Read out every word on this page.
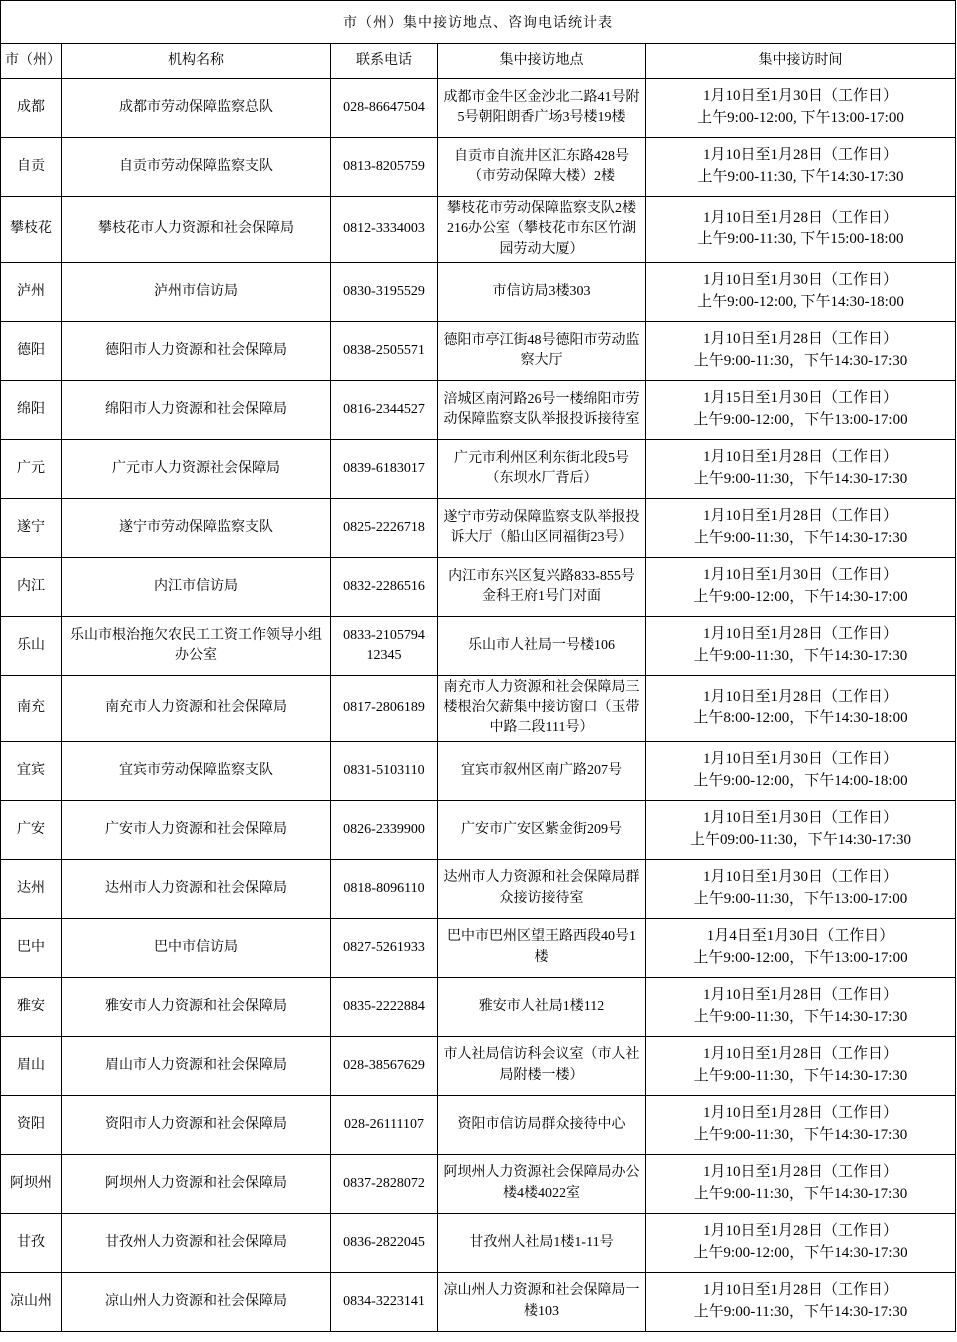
市（州）集中接访地点、咨询电话统计表				
市（州）	机构名称	联系电话	集中接访地点	集中接访时间
成都	成都市劳动保障监察总队	028-86647504	成都市金牛区金沙北二路41号附5号朝阳朗香广场3号楼19楼	1月10日至1月30日（工作日）
上午9:00-12:00, 下午13:00-17:00

自贡	自贡市劳动保障监察支队	0813-8205759	自贡市自流井区汇东路428号（市劳动保障大楼）2楼	1月10日至1月28日（工作日）
上午9:00-11:30, 下午14:30-17:30

攀枝花	攀枝花市人力资源和社会保障局	0812-3334003	攀枝花市劳动保障监察支队2楼216办公室（攀枝花市东区竹湖园劳动大厦）	1月10日至1月28日（工作日）
上午9:00-11:30, 下午15:00-18:00

泸州	泸州市信访局	0830-3195529	市信访局3楼303	1月10日至1月30日（工作日）
上午9:00-12:00, 下午14:30-18:00

德阳	德阳市人力资源和社会保障局	0838-2505571	德阳市亭江街48号德阳市劳动监察大厅	1月10日至1月28日（工作日）
上午9:00-11:30，下午14:30-17:30

绵阳	绵阳市人力资源和社会保障局	0816-2344527	涪城区南河路26号一楼绵阳市劳动保障监察支队举报投诉接待室	1月15日至1月30日（工作日）
上午9:00-12:00，下午13:00-17:00

广元	广元市人力资源社会保障局	0839-6183017	广元市利州区利东街北段5号（东坝水厂背后）	1月10日至1月28日（工作日）
上午9:00-11:30，下午14:30-17:30

遂宁	遂宁市劳动保障监察支队	0825-2226718	遂宁市劳动保障监察支队举报投诉大厅（船山区同福街23号）	1月10日至1月28日（工作日）
上午9:00-11:30，下午14:30-17:30

内江	内江市信访局	0832-2286516	内江市东兴区复兴路833-855号金科王府1号门对面	1月10日至1月30日（工作日）
上午9:00-12:00，下午14:30-17:00

乐山	乐山市根治拖欠农民工工资工作领导小组办公室	0833-2105794 12345	乐山市人社局一号楼106	1月10日至1月28日（工作日）
上午9:00-11:30，下午14:30-17:30

南充	南充市人力资源和社会保障局	0817-2806189	南充市人力资源和社会保障局三楼根治欠薪集中接访窗口（玉带中路二段111号）	1月10日至1月28日（工作日）
上午8:00-12:00，下午14:30-18:00

宜宾	宜宾市劳动保障监察支队	0831-5103110	宜宾市叙州区南广路207号	1月10日至1月30日（工作日）
上午9:00-12:00，下午14:00-18:00

广安	广安市人力资源和社会保障局	0826-2339900	广安市广安区紫金街209号	1月10日至1月30日（工作日）
上午09:00-11:30，下午14:30-17:30

达州	达州市人力资源和社会保障局	0818-8096110	达州市人力资源和社会保障局群众接访接待室	1月10日至1月30日（工作日）
上午9:00-11:30，下午13:00-17:00

巴中	巴中市信访局	0827-5261933	巴中市巴州区望王路西段40号1楼	1月4日至1月30日（工作日）
上午9:00-12:00，下午13:00-17:00

雅安	雅安市人力资源和社会保障局	0835-2222884	雅安市人社局1楼112	1月10日至1月28日（工作日）
上午9:00-11:30，下午14:30-17:30

眉山	眉山市人力资源和社会保障局	028-38567629	市人社局信访科会议室（市人社局附楼一楼）	1月10日至1月28日（工作日）
上午9:00-11:30，下午14:30-17:30

资阳	资阳市人力资源和社会保障局	028-26111107	资阳市信访局群众接待中心	1月10日至1月28日（工作日）
上午9:00-11:30，下午14:30-17:30

阿坝州	阿坝州人力资源和社会保障局	0837-2828072	阿坝州人力资源社会保障局办公楼4楼4022室	1月10日至1月28日（工作日）
上午9:00-11:30，下午14:30-17:30

甘孜	甘孜州人力资源和社会保障局	0836-2822045	甘孜州人社局1楼1-11号	1月10日至1月28日（工作日）
上午9:00-12:00，下午14:30-17:30

凉山州	凉山州人力资源和社会保障局	0834-3223141	凉山州人力资源和社会保障局一楼103	1月10日至1月28日（工作日）
上午9:00-11:30，下午14:30-17:30
